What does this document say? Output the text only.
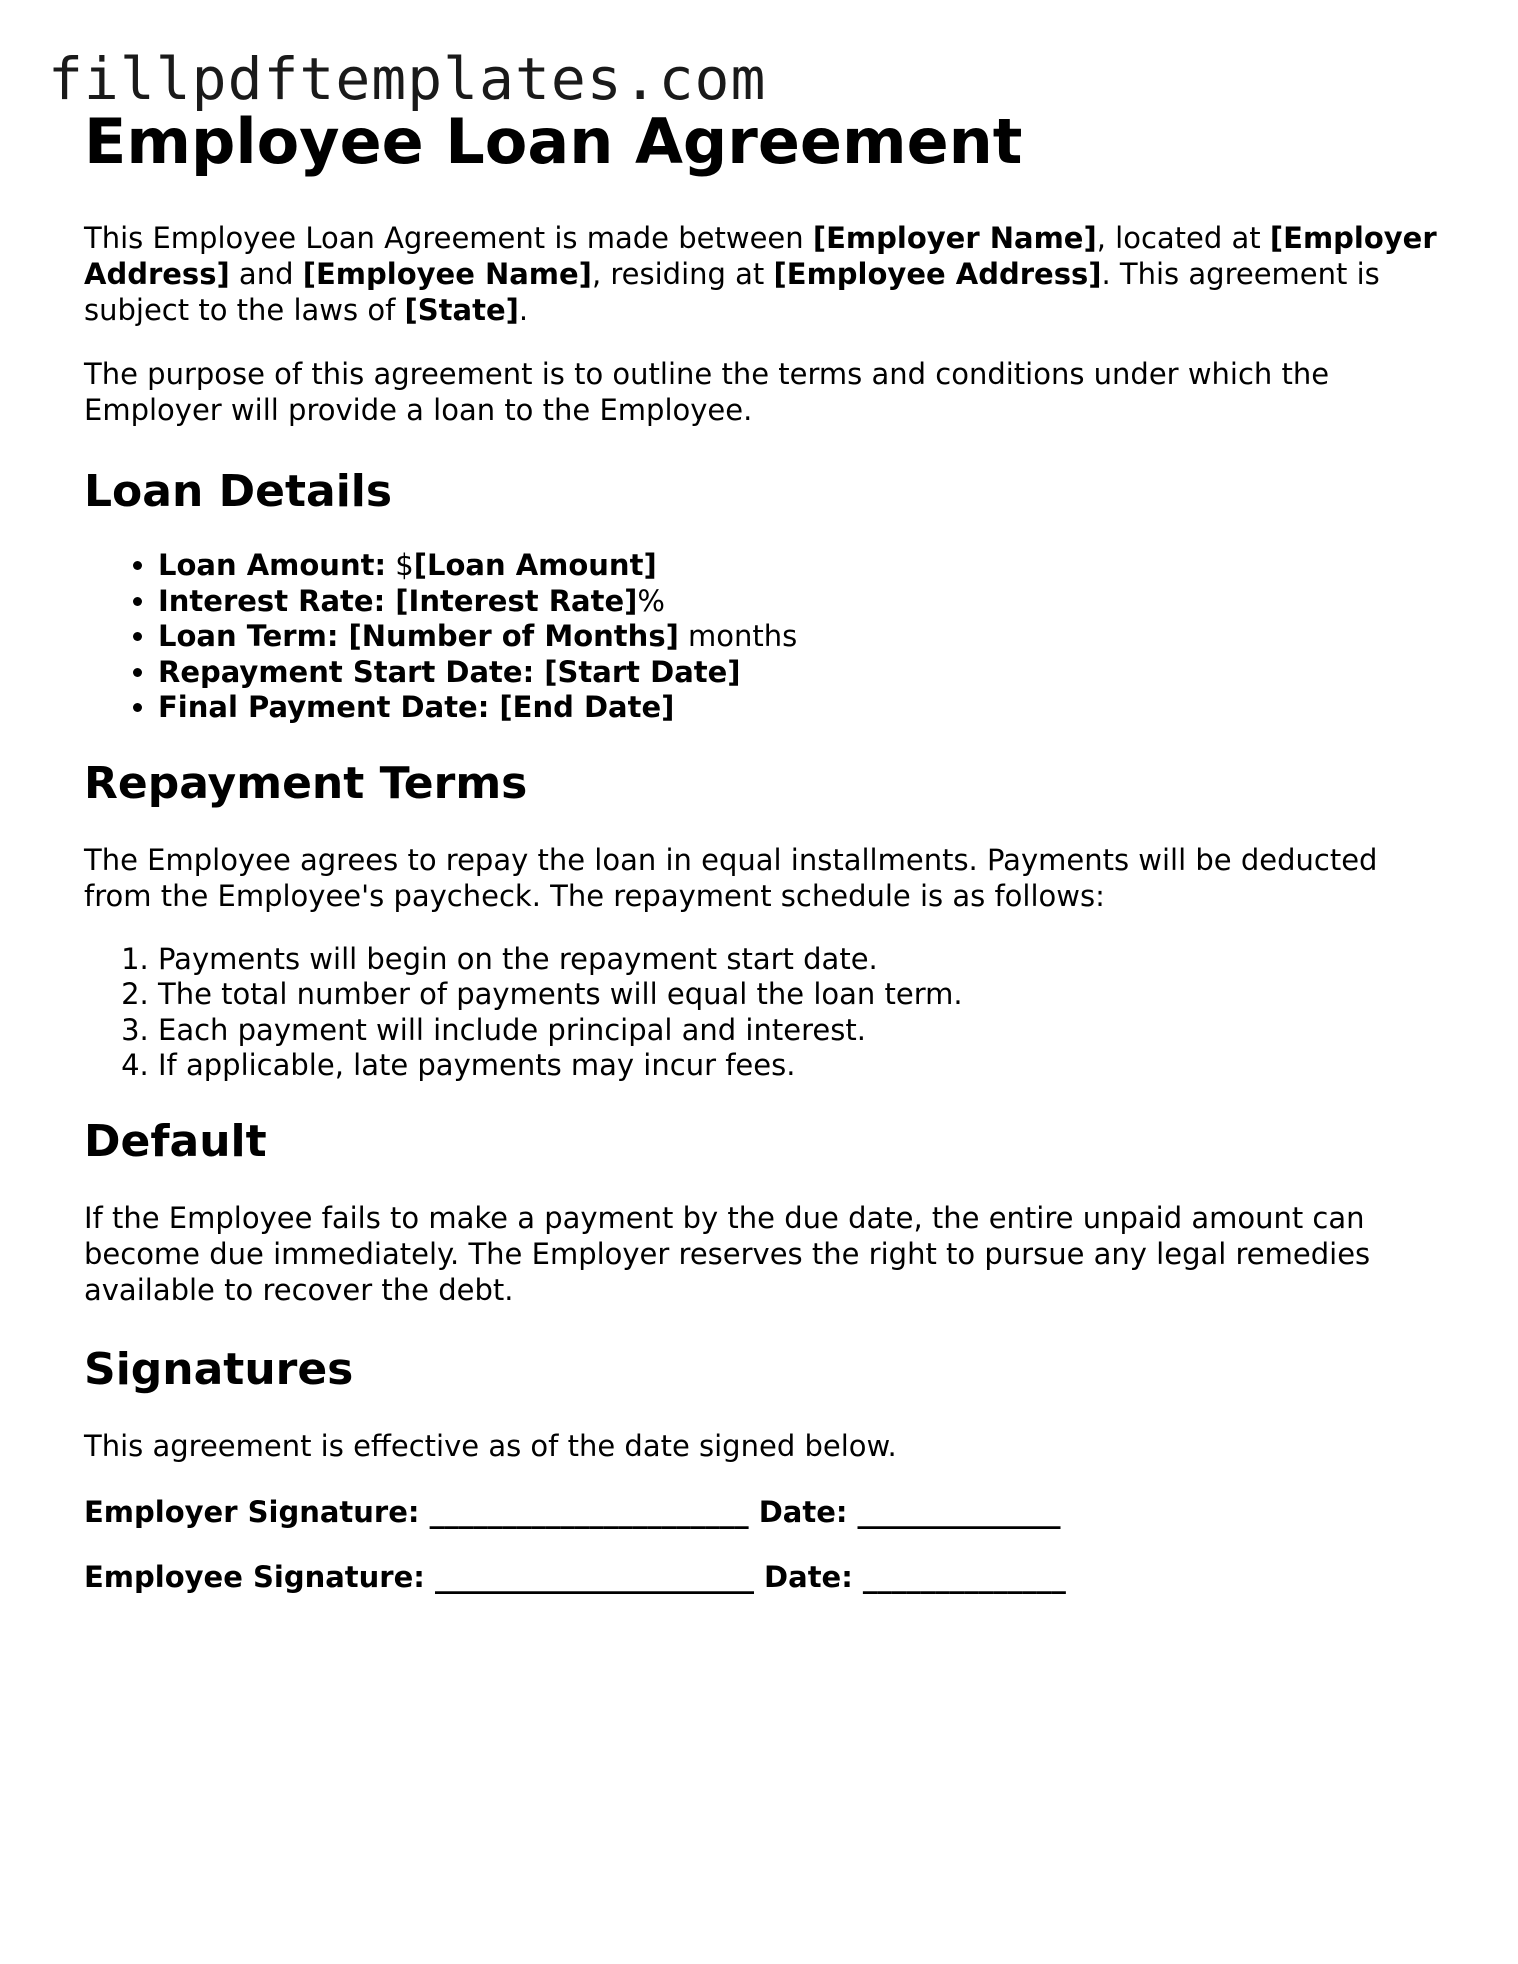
fillpdftemplates.com
Employee Loan Agreement

This Employee Loan Agreement is made between [Employer Name], located at [Employer Address] and [Employee Name], residing at [Employee Address]. This agreement is subject to the laws of [State].

The purpose of this agreement is to outline the terms and conditions under which the Employer will provide a loan to the Employee.

Loan Details
• Loan Amount: $[Loan Amount]
• Interest Rate: [Interest Rate]%
• Loan Term: [Number of Months] months
• Repayment Start Date: [Start Date]
• Final Payment Date: [End Date]
Repayment Terms

The Employee agrees to repay the loan in equal installments. Payments will be deducted from the Employee's paycheck. The repayment schedule is as follows:

1. Payments will begin on the repayment start date.
2. The total number of payments will equal the loan term.
3. Each payment will include principal and interest.
4. If applicable, late payments may incur fees.
Default

If the Employee fails to make a payment by the due date, the entire unpaid amount can become due immediately. The Employer reserves the right to pursue any legal remedies available to recover the debt.

Signatures

This agreement is effective as of the date signed below.

Employer Signature: ______________________ Date: ______________
Employee Signature: ______________________ Date: ______________
